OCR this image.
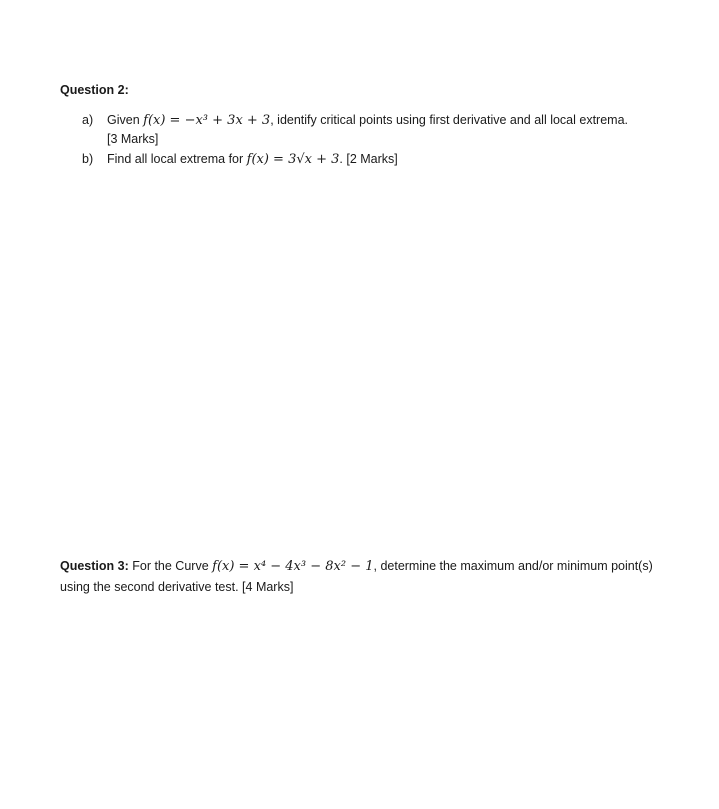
Question 2:
a) Given f(x) = −x³ + 3x + 3, identify critical points using first derivative and all local extrema.
[3 Marks]
b) Find all local extrema for f(x) = 3√x + 3. [2 Marks]
Question 3: For the Curve f(x) = x⁴ − 4x³ − 8x² − 1, determine the maximum and/or minimum point(s) using the second derivative test. [4 Marks]
